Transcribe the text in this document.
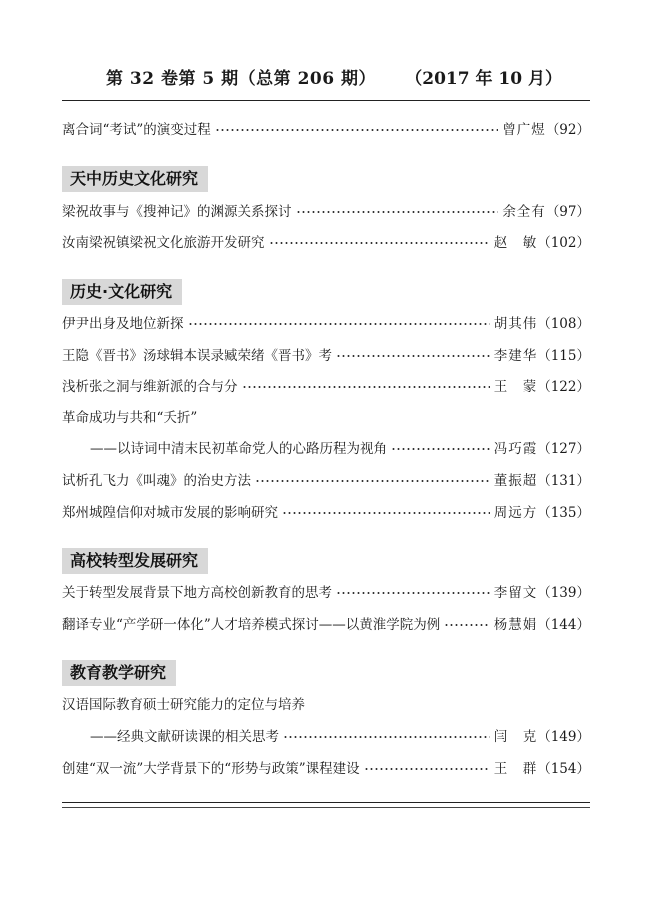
第 32 卷第 5 期（总第 206 期） （2017 年 10 月）
离合词“考试”的演变过程	曾广煜 （92）
天中历史文化研究
梁祝故事与《搜神记》的渊源关系探讨	余全有 （97）
汝南梁祝镇梁祝文化旅游开发研究	赵　敏 （102）
历史·文化研究
伊尹出身及地位新探	胡其伟 （108）
王隐《晋书》汤球辑本误录臧荣绪《晋书》考	李建华 （115）
浅析张之洞与维新派的合与分	王　蒙 （122）
革命成功与共和“夭折”
——以诗词中清末民初革命党人的心路历程为视角	冯巧霞 （127）
试析孔飞力《叫魂》的治史方法	董振超 （131）
郑州城隍信仰对城市发展的影响研究	周远方 （135）
高校转型发展研究
关于转型发展背景下地方高校创新教育的思考	李留文 （139）
翻译专业“产学研一体化”人才培养模式探讨——以黄淮学院为例	杨慧娟 （144）
教育教学研究
汉语国际教育硕士研究能力的定位与培养
——经典文献研读课的相关思考	闫　克 （149）
创建“双一流”大学背景下的“形势与政策”课程建设	王　群 （154）
